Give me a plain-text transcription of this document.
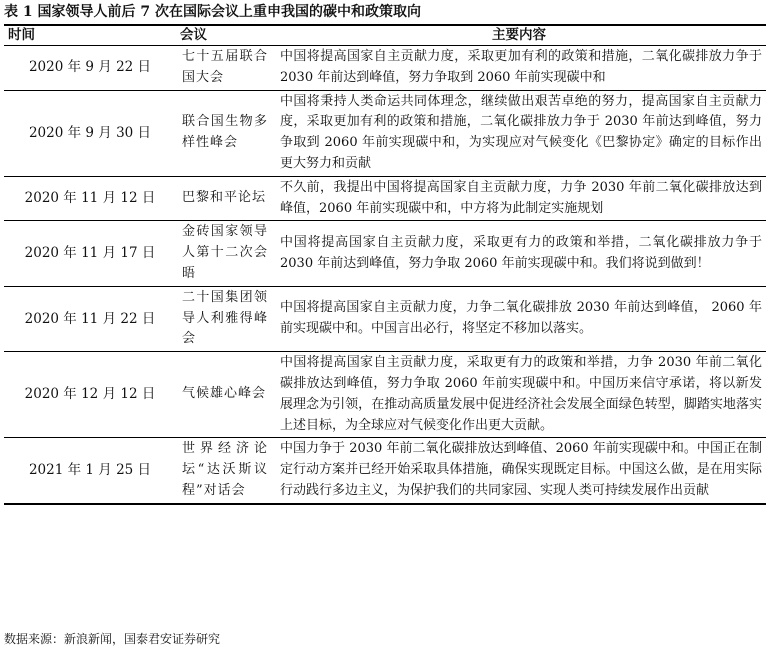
表 1 国家领导人前后 7 次在国际会议上重申我国的碳中和政策取向
时间	会议	主要内容
2020 年 9 月 22 日	七十五届联合国大会	中国将提高国家自主贡献力度，采取更加有利的政策和措施，二氧化碳排放力争于 2030 年前达到峰值，努力争取到 2060 年前实现碳中和
2020 年 9 月 30 日	联合国生物多样性峰会	中国将秉持人类命运共同体理念，继续做出艰苦卓绝的努力，提高国家自主贡献力度，采取更加有利的政策和措施，二氧化碳排放力争于 2030 年前达到峰值，努力争取到 2060 年前实现碳中和，为实现应对气候变化《巴黎协定》确定的目标作出更大努力和贡献
2020 年 11 月 12 日	巴黎和平论坛	不久前，我提出中国将提高国家自主贡献力度，力争 2030 年前二氧化碳排放达到峰值，2060 年前实现碳中和，中方将为此制定实施规划
2020 年 11 月 17 日	金砖国家领导人第十二次会晤	中国将提高国家自主贡献力度，采取更有力的政策和举措，二氧化碳排放力争于 2030 年前达到峰值，努力争取 2060 年前实现碳中和。我们将说到做到！
2020 年 11 月 22 日	二十国集团领导人利雅得峰会	中国将提高国家自主贡献力度，力争二氧化碳排放 2030 年前达到峰值， 2060 年前实现碳中和。中国言出必行，将坚定不移加以落实。
2020 年 12 月 12 日	气候雄心峰会	中国将提高国家自主贡献力度，采取更有力的政策和举措，力争 2030 年前二氧化碳排放达到峰值，努力争取 2060 年前实现碳中和。中国历来信守承诺，将以新发展理念为引领，在推动高质量发展中促进经济社会发展全面绿色转型，脚踏实地落实上述目标，为全球应对气候变化作出更大贡献。
2021 年 1 月 25 日	世界经济论坛“达沃斯议程”对话会	中国力争于 2030 年前二氧化碳排放达到峰值、2060 年前实现碳中和。中国正在制定行动方案并已经开始采取具体措施，确保实现既定目标。中国这么做，是在用实际行动践行多边主义，为保护我们的共同家园、实现人类可持续发展作出贡献
数据来源：新浪新闻，国泰君安证券研究
